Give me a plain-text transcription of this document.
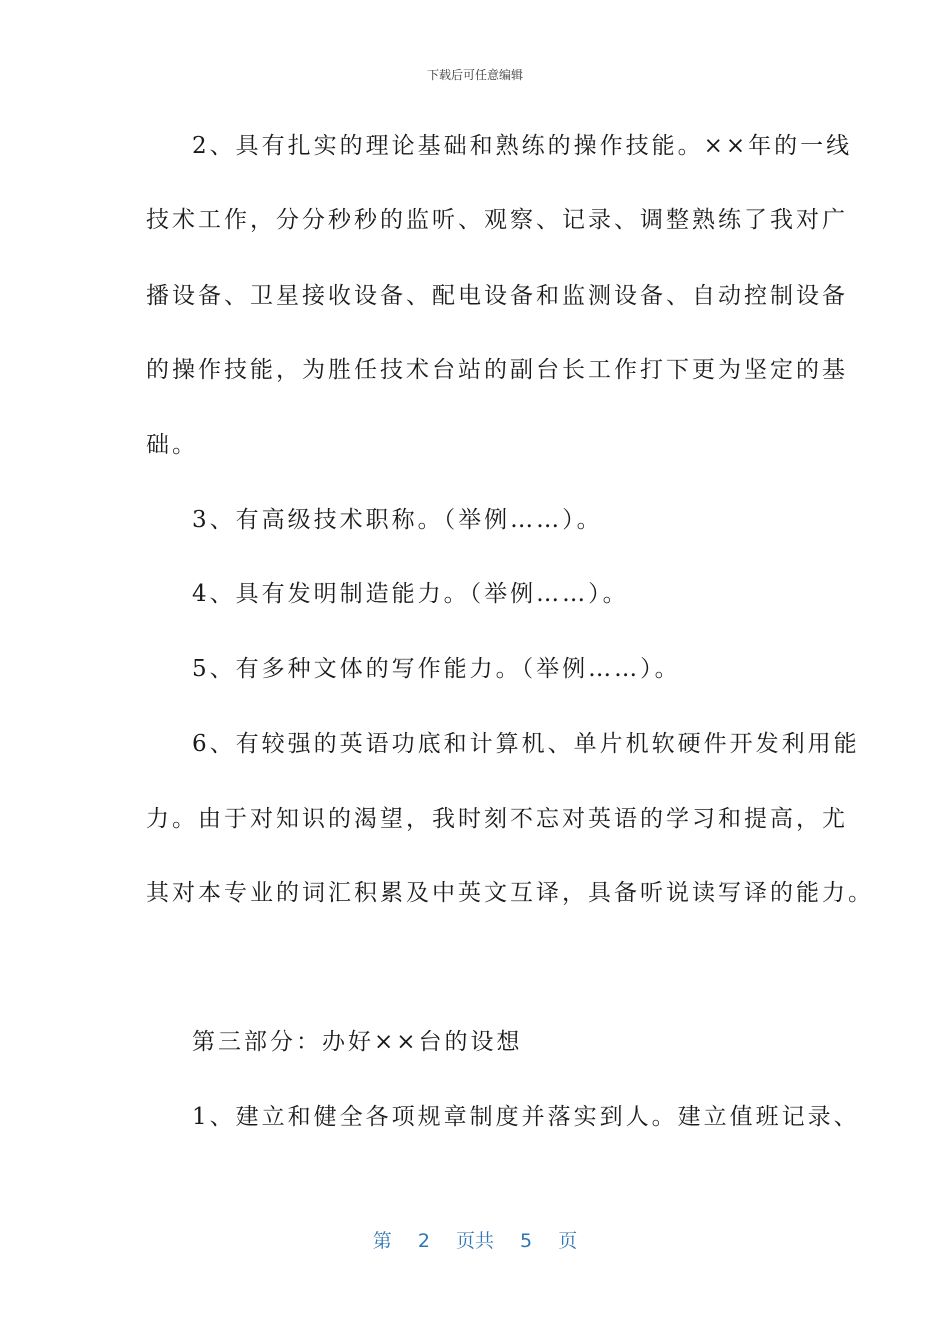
下载后可任意编辑
2、具有扎实的理论基础和熟练的操作技能。××年的一线
技术工作，分分秒秒的监听、观察、记录、调整熟练了我对广
播设备、卫星接收设备、配电设备和监测设备、自动控制设备
的操作技能，为胜任技术台站的副台长工作打下更为坚定的基
础。
3、有高级技术职称。（举例……）。
4、具有发明制造能力。（举例……）。
5、有多种文体的写作能力。（举例……）。
6、有较强的英语功底和计算机、单片机软硬件开发利用能
力。由于对知识的渴望，我时刻不忘对英语的学习和提高，尤
其对本专业的词汇积累及中英文互译，具备听说读写译的能力。
第三部分：办好××台的设想
1、建立和健全各项规章制度并落实到人。建立值班记录、
第 2 页共 5 页
